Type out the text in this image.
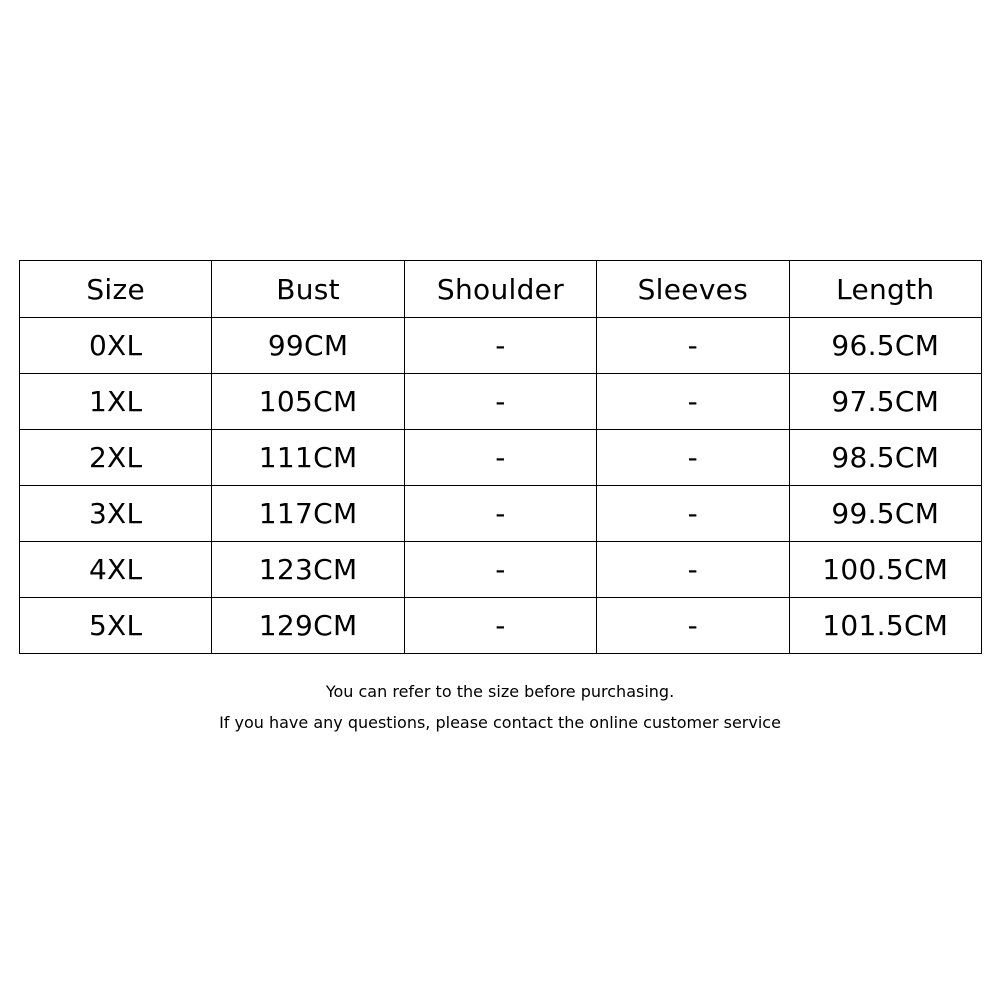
Size	Bust	Shoulder	Sleeves	Length
0XL	99CM	-	-	96.5CM
1XL	105CM	-	-	97.5CM
2XL	111CM	-	-	98.5CM
3XL	117CM	-	-	99.5CM
4XL	123CM	-	-	100.5CM
5XL	129CM	-	-	101.5CM
You can refer to the size before purchasing.
If you have any questions, please contact the online customer service
